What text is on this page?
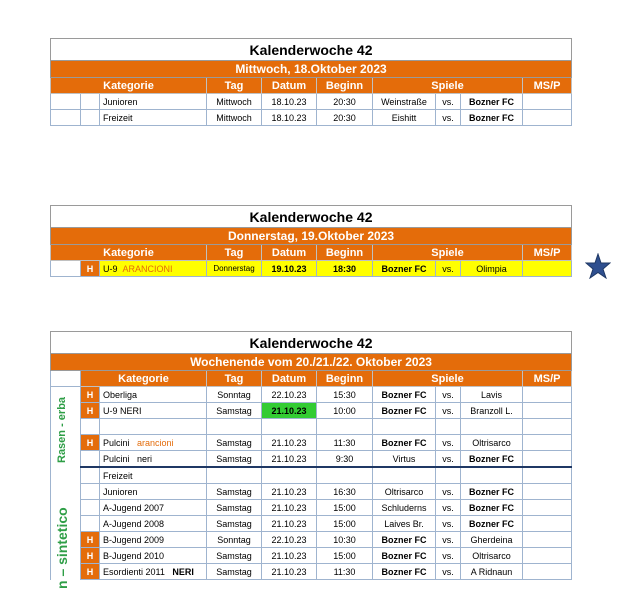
Kalenderwoche 42									
Mittwoch, 18.Oktober 2023									
Kategorie			Tag	Datum	Beginn	Spiele			MS/P
		Junioren	Mittwoch	18.10.23	20:30	Weinstraße	vs.	Bozner FC	
		Freizeit	Mittwoch	18.10.23	20:30	Eishitt	vs.	Bozner FC	
Kalenderwoche 42									
Donnerstag, 19.Oktober 2023									
Kategorie			Tag	Datum	Beginn	Spiele			MS/P
	H	U-9 ARANCIONI	Donnerstag	19.10.23	18:30	Bozner FC	vs.	Olimpia	
Kalenderwoche 42									
Wochenende vom 20./21./22. Oktober 2023									
	Kategorie		Tag	Datum	Beginn	Spiele			MS/P
	H	Oberliga	Sonntag	22.10.23	15:30	Bozner FC	vs.	Lavis	
	H	U-9 NERI	Samstag	21.10.23	10:00	Bozner FC	vs.	Branzoll L.	

	H	Pulcini arancioni	Samstag	21.10.23	11:30	Bozner FC	vs.	Oltrisarco	
		Pulcini neri	Samstag	21.10.23	9:30	Virtus	vs.	Bozner FC	
		Freizeit							
		Junioren	Samstag	21.10.23	16:30	Oltrisarco	vs.	Bozner FC	
		A-Jugend 2007	Samstag	21.10.23	15:00	Schluderns	vs.	Bozner FC	
		A-Jugend 2008	Samstag	21.10.23	15:00	Laives Br.	vs.	Bozner FC	
	H	B-Jugend 2009	Sonntag	22.10.23	10:30	Bozner FC	vs.	Gherdeina	
	H	B-Jugend 2010	Samstag	21.10.23	15:00	Bozner FC	vs.	Oltrisarco	
	H	Esordienti 2011 NERI	Samstag	21.10.23	11:30	Bozner FC	vs.	A Ridnaun	
Rasen - erba
n – sintetico
